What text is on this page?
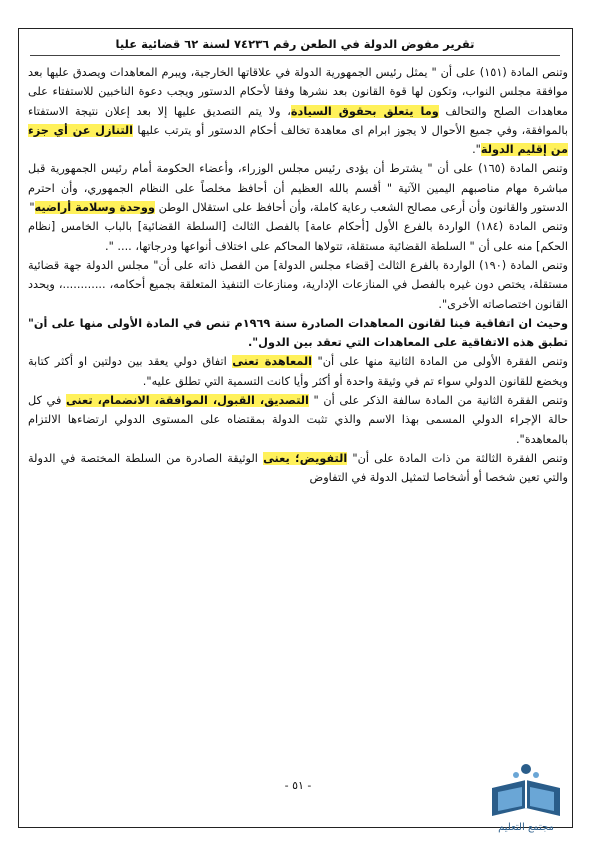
تقرير مفوض الدولة في الطعن رقم ٧٤٢٣٦ لسنة ٦٢ قضائية عليا

وتنص المادة (١٥١) على أن " يمثل رئيس الجمهورية الدولة في علاقاتها الخارجية، ويبرم المعاهدات ويصدق عليها بعد موافقة مجلس النواب، وتكون لها قوة القانون بعد نشرها وفقا لأحكام الدستور ويجب دعوة الناخبين للاستفتاء على معاهدات الصلح والتحالف وما يتعلق بحقوق السيادة، ولا يتم التصديق عليها إلا بعد إعلان نتيجة الاستفتاء بالموافقة، وفي جميع الأحوال لا يجوز ابرام اى معاهدة تخالف أحكام الدستور أو يترتب عليها التنازل عن أي جزء من إقليم الدولة".

وتنص المادة (١٦٥) على أن " يشترط أن يؤدى رئيس مجلس الوزراء، وأعضاء الحكومة أمام رئيس الجمهورية قبل مباشرة مهام مناصبهم اليمين الآتية " أقسم بالله العظيم أن أحافظ مخلصاً على النظام الجمهوري، وأن احترم الدستور والقانون وأن أرعى مصالح الشعب رعاية كاملة، وأن أحافظ على استقلال الوطن ووحدة وسلامة أراضيه"

وتنص المادة (١٨٤) الواردة بالفرع الأول [أحكام عامة] بالفصل الثالث [السلطة القضائية] بالباب الخامس [نظام الحكم] منه على أن " السلطة القضائية مستقلة، تتولاها المحاكم على اختلاف أنواعها ودرجاتها، .... ".

وتنص المادة (١٩٠) الواردة بالفرع الثالث [قضاء مجلس الدولة] من الفصل ذاته على أن" مجلس الدولة جهة قضائية مستقلة، يختص دون غيره بالفصل في المنازعات الإدارية، ومنازعات التنفيذ المتعلقة بجميع أحكامه، ............، ويحدد القانون اختصاصاته الأخرى".

وحيث ان اتفاقية فينا لقانون المعاهدات الصادرة سنة ١٩٦٩م تنص في المادة الأولى منها على أن" تطبق هذه الاتفاقية على المعاهدات التي تعقد بين الدول".

وتنص الفقرة الأولى من المادة الثانية منها على أن" المعاهدة تعنى اتفاق دولي يعقد بين دولتين او أكثر كتابة ويخضع للقانون الدولي سواء تم في وثيقة واحدة أو أكثر وأيا كانت التسمية التي تطلق عليه".

وتنص الفقرة الثانية من المادة سالفة الذكر على أن " التصديق، القبول، الموافقة، الانضمام، تعنى في كل حالة الإجراء الدولي المسمى بهذا الاسم والذي تثبت الدولة بمقتضاه على المستوى الدولي ارتضاءها الالتزام بالمعاهدة".

وتنص الفقرة الثالثة من ذات المادة على أن" التفويض؛ يعنى الوثيقة الصادرة من السلطة المختصة في الدولة والتي تعين شخصا أو أشخاصا لتمثيل الدولة في التفاوض

- ٥١ -
مجتمع التعليم
